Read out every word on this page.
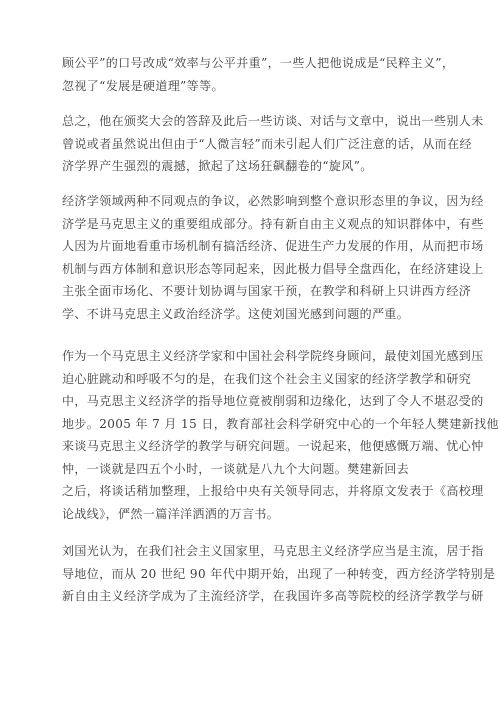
顾公平”的口号改成“效率与公平并重”，一些人把他说成是“民粹主义”，
忽视了“发展是硬道理”等等。
总之，他在颁奖大会的答辞及此后一些访谈、对话与文章中，说出一些别人未
曾说或者虽然说出但由于“人微言轻”而未引起人们广泛注意的话，从而在经
济学界产生强烈的震撼，掀起了这场狂飙翻卷的“旋风”。
经济学领域两种不同观点的争议，必然影响到整个意识形态里的争议，因为经
济学是马克思主义的重要组成部分。持有新自由主义观点的知识群体中，有些
人因为片面地看重市场机制有搞活经济、促进生产力发展的作用，从而把市场
机制与西方体制和意识形态等同起来，因此极力倡导全盘西化，在经济建设上
主张全面市场化、不要计划协调与国家干预，在教学和科研上只讲西方经济
学、不讲马克思主义政治经济学。这使刘国光感到问题的严重。
作为一个马克思主义经济学家和中国社会科学院终身顾问，最使刘国光感到压
迫心脏跳动和呼吸不匀的是，在我们这个社会主义国家的经济学教学和研究
中，马克思主义经济学的指导地位竟被削弱和边缘化，达到了令人不堪忍受的
地步。2005 年 7 月 15 日，教育部社会科学研究中心的一个年轻人樊建新找他
来谈马克思主义经济学的教学与研究问题。一说起来，他便感慨万端、忧心忡
忡，一谈就是四五个小时，一谈就是八九个大问题。樊建新回去
之后，将谈话稍加整理，上报给中央有关领导同志，并将原文发表于《高校理
论战线》，俨然一篇洋洋洒洒的万言书。
刘国光认为，在我们社会主义国家里，马克思主义经济学应当是主流，居于指
导地位，而从 20 世纪 90 年代中期开始，出现了一种转变，西方经济学特别是
新自由主义经济学成为了主流经济学，在我国许多高等院校的经济学教学与研
